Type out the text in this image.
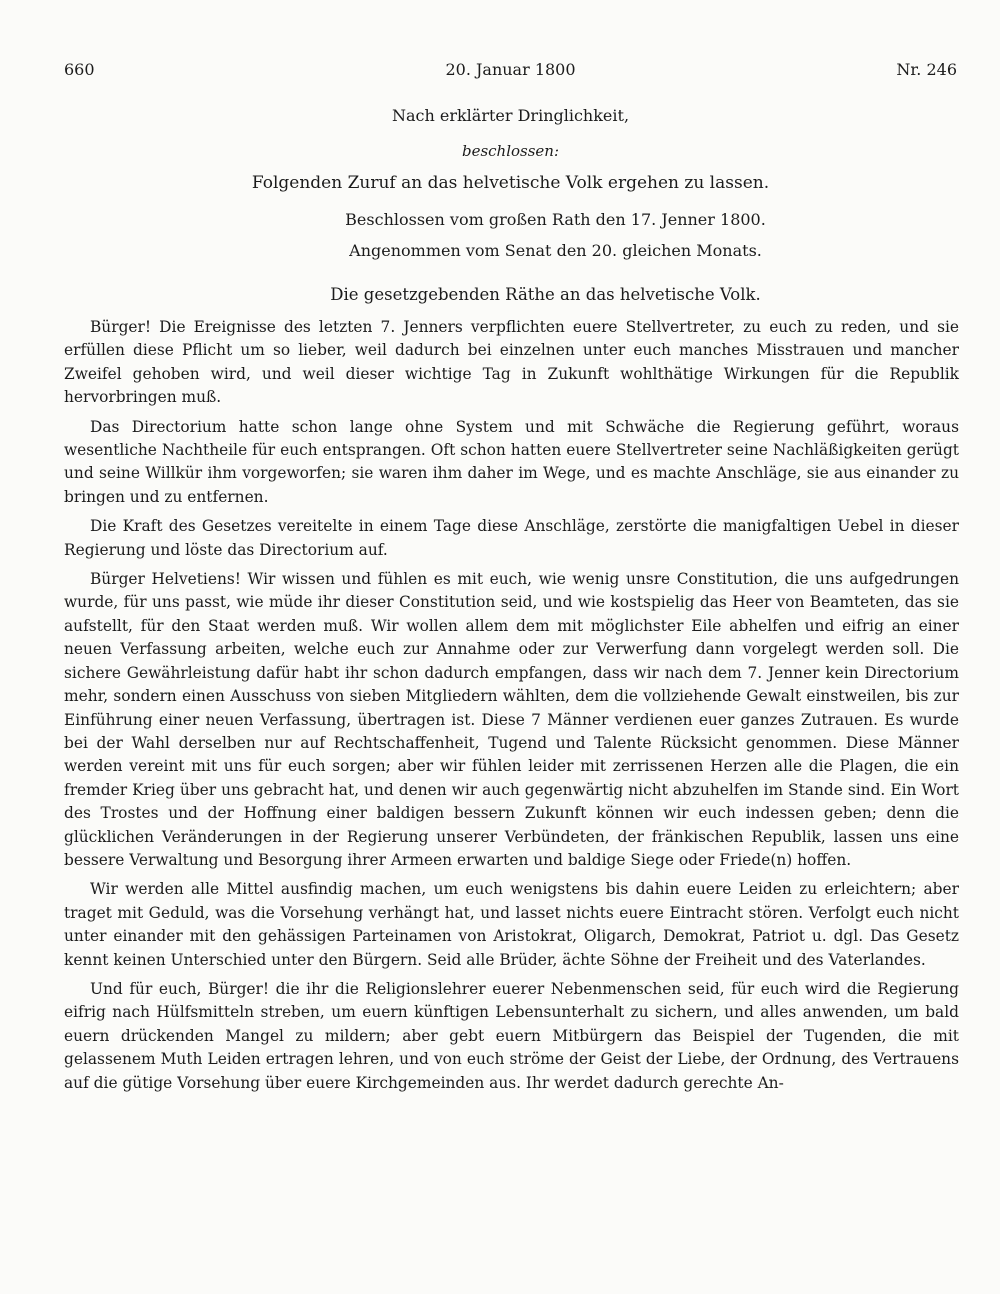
660	20. Januar 1800	Nr. 246
Nach erklärter Dringlichkeit,
beschlossen:
Folgenden Zuruf an das helvetische Volk ergehen zu lassen.
Beschlossen vom großen Rath den 17. Jenner 1800.
Angenommen vom Senat den 20. gleichen Monats.
Die gesetzgebenden Räthe an das helvetische Volk.

Bürger! Die Ereignisse des letzten 7. Jenners verpflichten euere Stellvertreter, zu euch zu reden, und sie erfüllen diese Pflicht um so lieber, weil dadurch bei einzelnen unter euch manches Misstrauen und mancher Zweifel gehoben wird, und weil dieser wichtige Tag in Zukunft wohlthätige Wirkungen für die Republik hervorbringen muß.

Das Directorium hatte schon lange ohne System und mit Schwäche die Regierung geführt, woraus wesentliche Nachtheile für euch entsprangen. Oft schon hatten euere Stellvertreter seine Nachläßigkeiten gerügt und seine Willkür ihm vorgeworfen; sie waren ihm daher im Wege, und es machte Anschläge, sie aus einander zu bringen und zu entfernen.

Die Kraft des Gesetzes vereitelte in einem Tage diese Anschläge, zerstörte die manigfaltigen Uebel in dieser Regierung und löste das Directorium auf.

Bürger Helvetiens! Wir wissen und fühlen es mit euch, wie wenig unsre Constitution, die uns aufgedrungen wurde, für uns passt, wie müde ihr dieser Constitution seid, und wie kostspielig das Heer von Beamteten, das sie aufstellt, für den Staat werden muß. Wir wollen allem dem mit möglichster Eile abhelfen und eifrig an einer neuen Verfassung arbeiten, welche euch zur Annahme oder zur Verwerfung dann vorgelegt werden soll. Die sichere Gewährleistung dafür habt ihr schon dadurch empfangen, dass wir nach dem 7. Jenner kein Directorium mehr, sondern einen Ausschuss von sieben Mitgliedern wählten, dem die vollziehende Gewalt einstweilen, bis zur Einführung einer neuen Verfassung, übertragen ist. Diese 7 Männer verdienen euer ganzes Zutrauen. Es wurde bei der Wahl derselben nur auf Rechtschaffenheit, Tugend und Talente Rücksicht genommen. Diese Männer werden vereint mit uns für euch sorgen; aber wir fühlen leider mit zerrissenen Herzen alle die Plagen, die ein fremder Krieg über uns gebracht hat, und denen wir auch gegenwärtig nicht abzuhelfen im Stande sind. Ein Wort des Trostes und der Hoffnung einer baldigen bessern Zukunft können wir euch indessen geben; denn die glücklichen Veränderungen in der Regierung unserer Verbündeten, der fränkischen Republik, lassen uns eine bessere Verwaltung und Besorgung ihrer Armeen erwarten und baldige Siege oder Friede(n) hoffen.

Wir werden alle Mittel ausfindig machen, um euch wenigstens bis dahin euere Leiden zu erleichtern; aber traget mit Geduld, was die Vorsehung verhängt hat, und lasset nichts euere Eintracht stören. Verfolgt euch nicht unter einander mit den gehässigen Parteinamen von Aristokrat, Oligarch, Demokrat, Patriot u. dgl. Das Gesetz kennt keinen Unterschied unter den Bürgern. Seid alle Brüder, ächte Söhne der Freiheit und des Vaterlandes.

Und für euch, Bürger! die ihr die Religionslehrer euerer Nebenmenschen seid, für euch wird die Regierung eifrig nach Hülfsmitteln streben, um euern künftigen Lebensunterhalt zu sichern, und alles anwenden, um bald euern drückenden Mangel zu mildern; aber gebt euern Mitbürgern das Beispiel der Tugenden, die mit gelassenem Muth Leiden ertragen lehren, und von euch ströme der Geist der Liebe, der Ordnung, des Vertrauens auf die gütige Vorsehung über euere Kirchgemeinden aus. Ihr werdet dadurch gerechte An-
